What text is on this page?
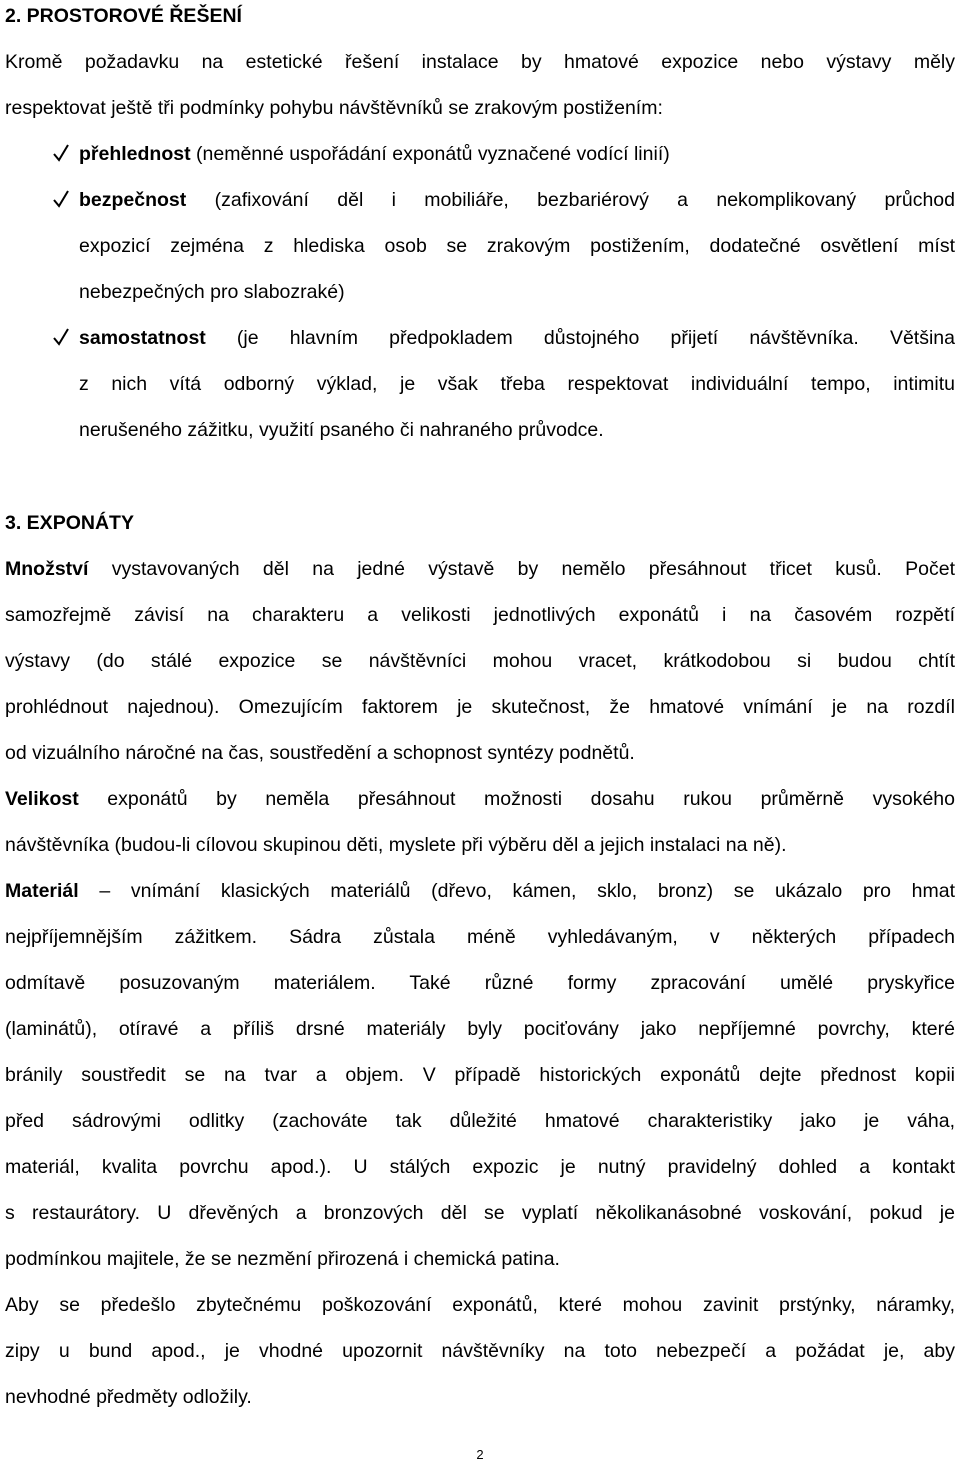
2. PROSTOROVÉ ŘEŠENÍ
Kromě požadavku na estetické řešení instalace by hmatové expozice nebo výstavy měly
respektovat ještě tři podmínky pohybu návštěvníků se zrakovým postižením:
přehlednost (neměnné uspořádání exponátů vyznačené vodící linií)
bezpečnost (zafixování děl i mobiliáře, bezbariérový a nekomplikovaný průchod
expozicí zejména z hlediska osob se zrakovým postižením, dodatečné osvětlení míst
nebezpečných pro slabozraké)
samostatnost (je hlavním předpokladem důstojného přijetí návštěvníka. Většina
z nich vítá odborný výklad, je však třeba respektovat individuální tempo, intimitu
nerušeného zážitku, využití psaného či nahraného průvodce.
3. EXPONÁTY
Množství vystavovaných děl na jedné výstavě by nemělo přesáhnout třicet kusů. Počet
samozřejmě závisí na charakteru a velikosti jednotlivých exponátů i na časovém rozpětí
výstavy (do stálé expozice se návštěvníci mohou vracet, krátkodobou si budou chtít
prohlédnout najednou). Omezujícím faktorem je skutečnost, že hmatové vnímání je na rozdíl
od vizuálního náročné na čas, soustředění a schopnost syntézy podnětů.
Velikost exponátů by neměla přesáhnout možnosti dosahu rukou průměrně vysokého
návštěvníka (budou-li cílovou skupinou děti, myslete při výběru děl a jejich instalaci na ně).
Materiál – vnímání klasických materiálů (dřevo, kámen, sklo, bronz) se ukázalo pro hmat
nejpříjemnějším zážitkem. Sádra zůstala méně vyhledávaným, v některých případech
odmítavě posuzovaným materiálem. Také různé formy zpracování umělé pryskyřice
(laminátů), otíravé a příliš drsné materiály byly pociťovány jako nepříjemné povrchy, které
bránily soustředit se na tvar a objem. V případě historických exponátů dejte přednost kopii
před sádrovými odlitky (zachováte tak důležité hmatové charakteristiky jako je váha,
materiál, kvalita povrchu apod.). U stálých expozic je nutný pravidelný dohled a kontakt
s restaurátory. U dřevěných a bronzových děl se vyplatí několikanásobné voskování, pokud je
podmínkou majitele, že se nezmění přirozená i chemická patina.
Aby se předešlo zbytečnému poškozování exponátů, které mohou zavinit prstýnky, náramky,
zipy u bund apod., je vhodné upozornit návštěvníky na toto nebezpečí a požádat je, aby
nevhodné předměty odložily.
2
